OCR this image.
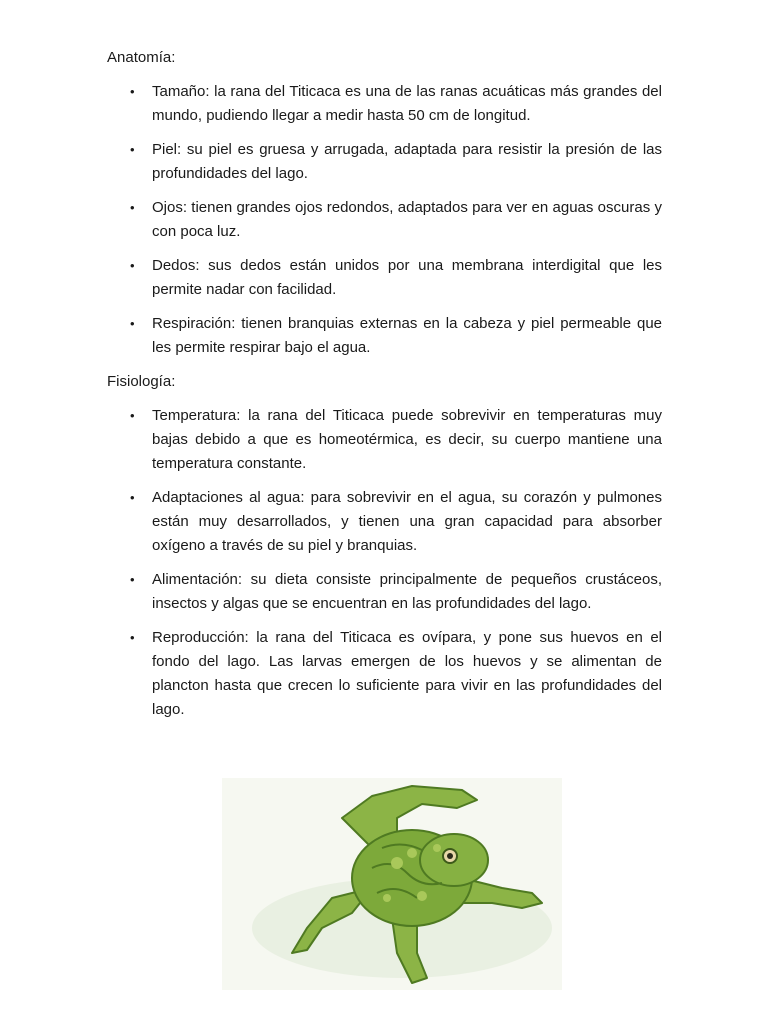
Anatomía:
• Tamaño: la rana del Titicaca es una de las ranas acuáticas más grandes del mundo, pudiendo llegar a medir hasta 50 cm de longitud.
• Piel: su piel es gruesa y arrugada, adaptada para resistir la presión de las profundidades del lago.
• Ojos: tienen grandes ojos redondos, adaptados para ver en aguas oscuras y con poca luz.
• Dedos: sus dedos están unidos por una membrana interdigital que les permite nadar con facilidad.
• Respiración: tienen branquias externas en la cabeza y piel permeable que les permite respirar bajo el agua.
Fisiología:
• Temperatura: la rana del Titicaca puede sobrevivir en temperaturas muy bajas debido a que es homeotérmica, es decir, su cuerpo mantiene una temperatura constante.
• Adaptaciones al agua: para sobrevivir en el agua, su corazón y pulmones están muy desarrollados, y tienen una gran capacidad para absorber oxígeno a través de su piel y branquias.
• Alimentación: su dieta consiste principalmente de pequeños crustáceos, insectos y algas que se encuentran en las profundidades del lago.
• Reproducción: la rana del Titicaca es ovípara, y pone sus huevos en el fondo del lago. Las larvas emergen de los huevos y se alimentan de plancton hasta que crecen lo suficiente para vivir en las profundidades del lago.
